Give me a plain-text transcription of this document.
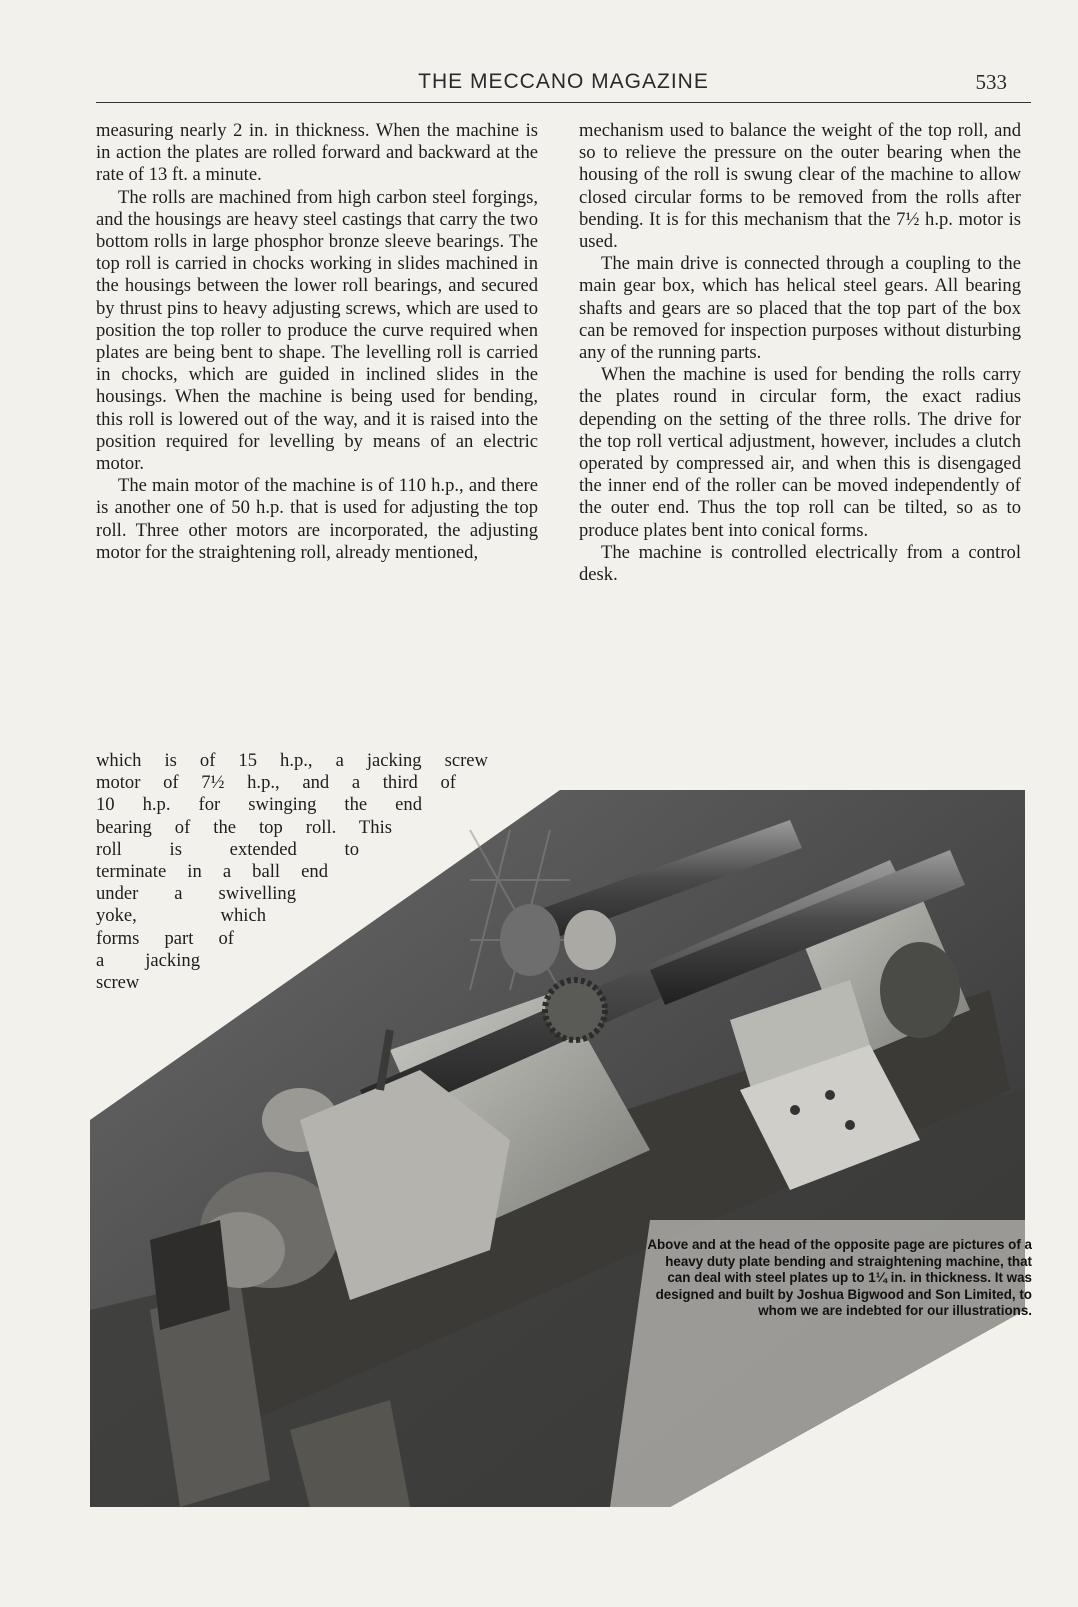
THE MECCANO MAGAZINE	533

measuring nearly 2 in. in thickness. When the machine is in action the plates are rolled forward and backward at the rate of 13 ft. a minute.

The rolls are machined from high carbon steel forgings, and the housings are heavy steel castings that carry the two bottom rolls in large phosphor bronze sleeve bearings. The top roll is carried in chocks working in slides machined in the housings between the lower roll bearings, and secured by thrust pins to heavy adjusting screws, which are used to position the top roller to produce the curve required when plates are being bent to shape. The levelling roll is carried in chocks, which are guided in inclined slides in the housings. When the machine is being used for bending, this roll is lowered out of the way, and it is raised into the position required for levelling by means of an electric motor.

The main motor of the machine is of 110 h.p., and there is another one of 50 h.p. that is used for adjusting the top roll. Three other motors are incorporated, the adjusting motor for the straightening roll, already mentioned,

which is of 15 h.p., a jacking screw
motor of 7½ h.p., and a third of
10 h.p. for swinging the end
bearing of the top roll. This
roll is extended to
terminate in a ball end
under a swivelling
yoke, which
forms part of
a jacking
screw

mechanism used to balance the weight of the top roll, and so to relieve the pressure on the outer bearing when the housing of the roll is swung clear of the machine to allow closed circular forms to be removed from the rolls after bending. It is for this mechanism that the 7½ h.p. motor is used.

The main drive is connected through a coupling to the main gear box, which has helical steel gears. All bearing shafts and gears are so placed that the top part of the box can be removed for inspection purposes without disturbing any of the running parts.

When the machine is used for bending the rolls carry the plates round in circular form, the exact radius depending on the setting of the three rolls. The drive for the top roll vertical adjustment, however, includes a clutch operated by compressed air, and when this is disengaged the inner end of the roller can be moved independently of the outer end. Thus the top roll can be tilted, so as to produce plates bent into conical forms.

The machine is controlled electrically from a control desk.

Above and at the head of the opposite page are pictures of a heavy duty plate bending and straightening machine, that can deal with steel plates up to 1¼ in. in thickness. It was designed and built by Joshua Bigwood and Son Limited, to whom we are indebted for our illustrations.
